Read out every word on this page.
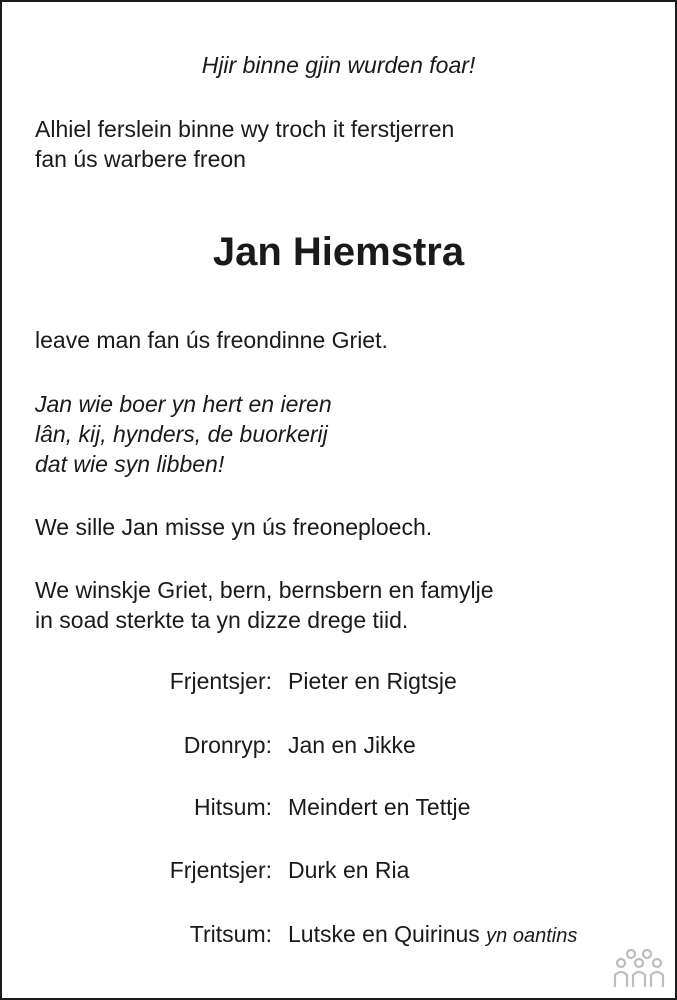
Hjir binne gjin wurden foar!
Alhiel ferslein binne wy troch it ferstjerren
fan ús warbere freon
Jan Hiemstra
leave man fan ús freondinne Griet.
Jan wie boer yn hert en ieren
lân, kij, hynders, de buorkerij
dat wie syn libben!
We sille Jan misse yn ús freoneploech.
We winskje Griet, bern, bernsbern en famylje
in soad sterkte ta yn dizze drege tiid.
Frjentsjer: Pieter en Rigtsje
Dronryp: Jan en Jikke
Hitsum: Meindert en Tettje
Frjentsjer: Durk en Ria
Tritsum: Lutske en Quirinus yn oantins
